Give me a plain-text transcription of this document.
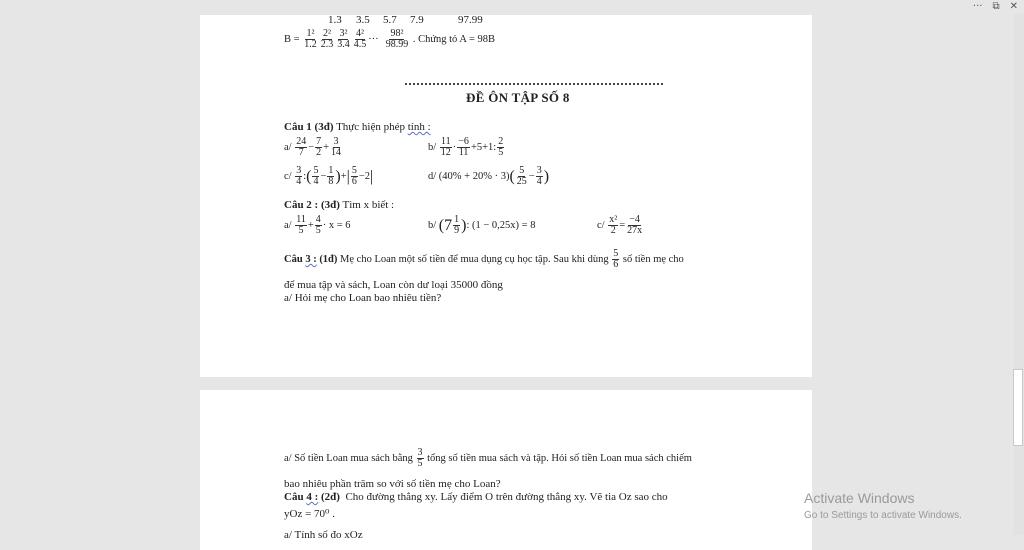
··· ⧉ ✕
1.3 3.5 5.7 7.9	97.99
B =
$\frac{\text{1²}}{1.2} \frac{\text{2²}}{2.3} \frac{\text{3²}}{3.4} \frac{\text{4²}}{4.5}$ ··· $\frac{\text{98²}}{98.99}$
. Chứng tỏ A = 98B
ĐỀ ÔN TẬP SỐ 8
Câu 1 (3đ) Thực hiện phép tính :
a/
$\frac{24}{7} - \frac{7}{2} + \frac{3}{14}$	b/
$\frac{11}{12} \cdot \frac{-6}{11} +5+1$: $\frac{2}{5}$
c/
$\frac{3}{4}$ : ( $\frac{5}{4} - \frac{1}{8}$ ) + | $\frac{5}{6} -2$ |	d/
(40% + 20% · 3) ( $\frac{5}{25} - \frac{3}{4}$ )
Câu 2 : (3đ) Tìm x biết :
a/
$\frac{11}{5} + \frac{4}{5} \cdot x = 6$	b/
($7 \frac{1}{9}$ ) : (1 − 0,25x) = 8	c/
$\frac{\text{x²}}{2} = \frac{-4}{27x}$
Câu
3 :
(1đ)
Mẹ cho Loan một số tiền để mua dụng cụ học tập. Sau khi dùng
$\frac{5}{6}$
số tiền mẹ cho
để mua tập và sách, Loan còn dư loại 35000 đồng
a/ Hỏi mẹ cho Loan bao nhiêu tiền?
a/ Số tiền Loan mua sách bằng
$\frac{3}{5}$
tổng số tiền mua sách và tập. Hỏi số tiền Loan mua sách chiếm
bao nhiêu phần trăm so với số tiền mẹ cho Loan?
Câu 4 : (2đ) Cho đường thẳng xy. Lấy điểm O trên đường thẳng xy. Vẽ tia Oz sao cho
yOz = 70⁰ .
a/ Tính số đo xOz
Activate Windows
Go to Settings to activate Windows.
